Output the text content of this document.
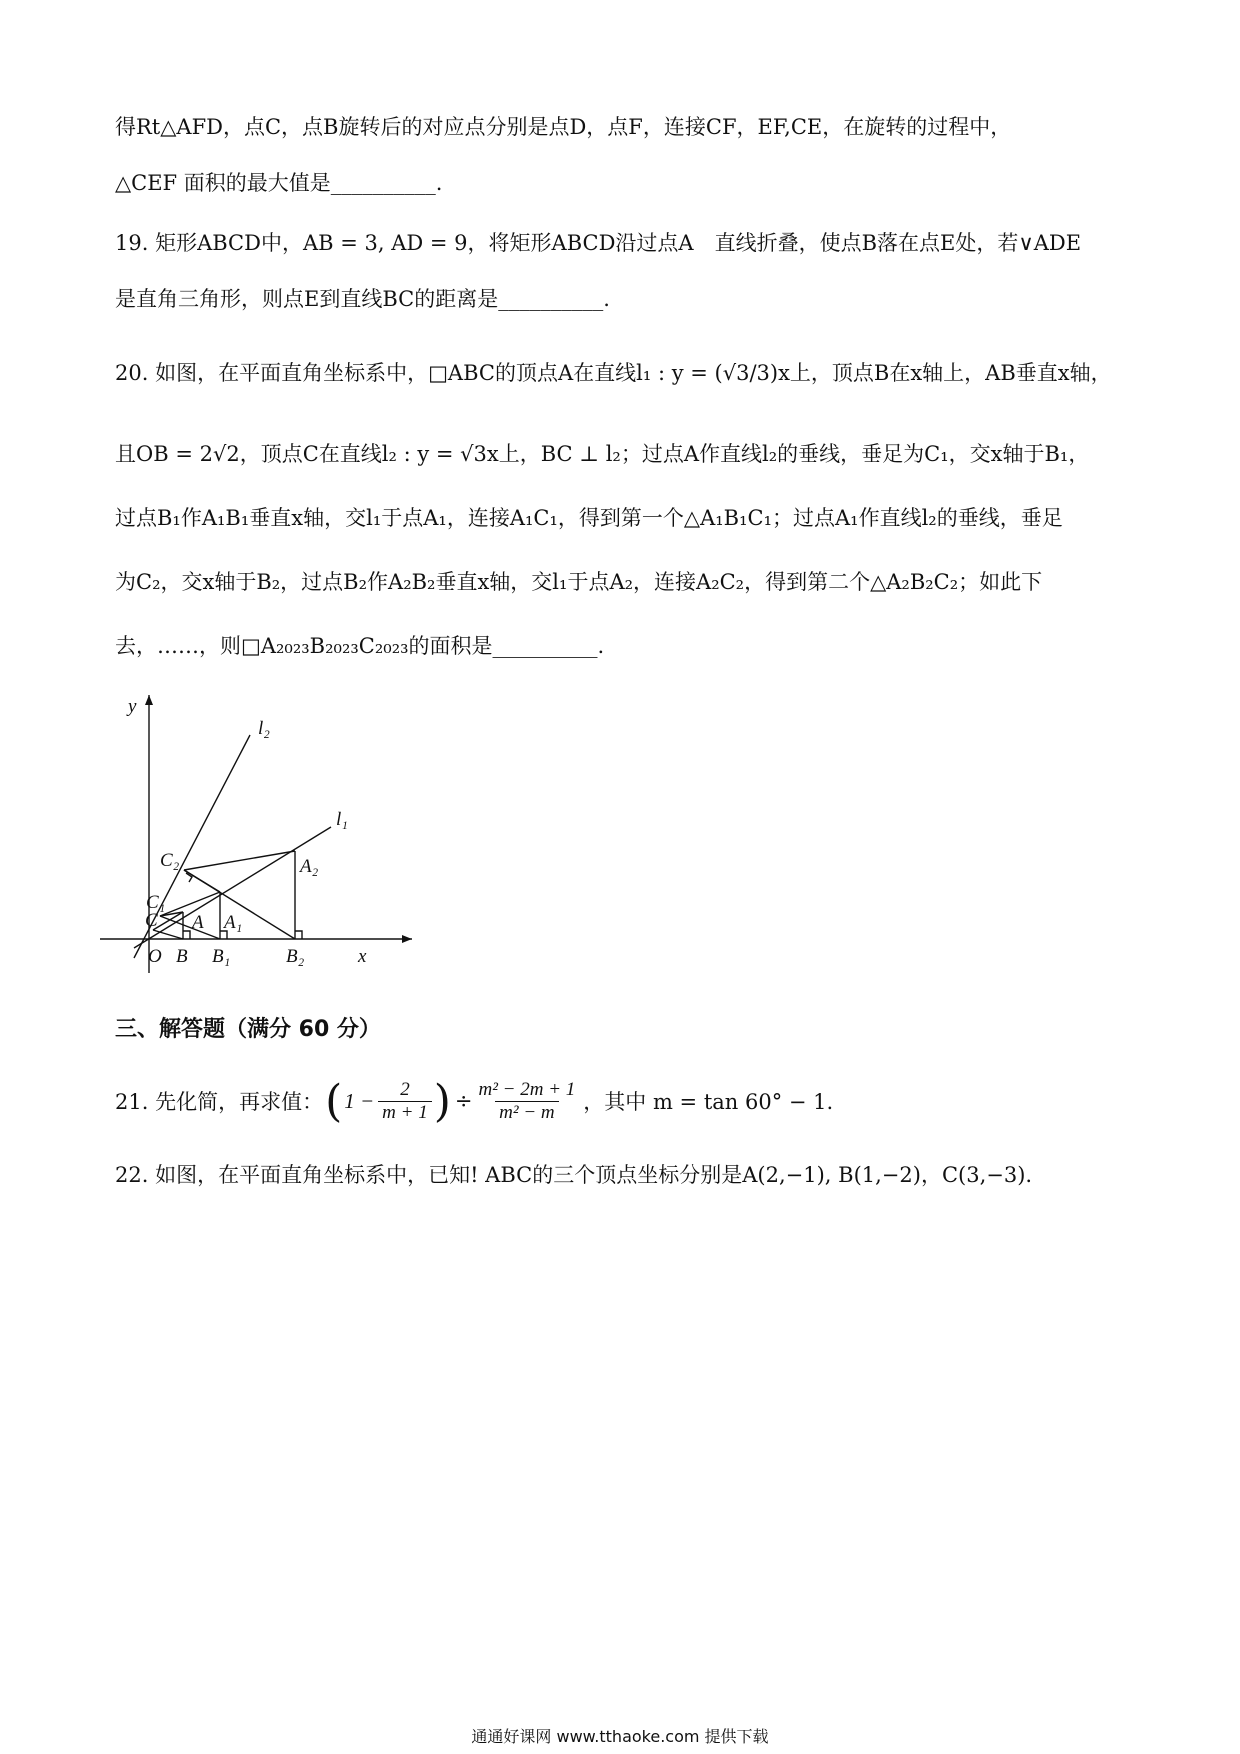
得Rt△AFD，点C，点B旋转后的对应点分别是点D，点F，连接CF，EF,CE，在旋转的过程中，
△CEF 面积的最大值是__________.
19. 矩形ABCD中，AB = 3, AD = 9，将矩形ABCD沿过点A　直线折叠，使点B落在点E处，若∨ADE
是直角三角形，则点E到直线BC的距离是__________.
20. 如图，在平面直角坐标系中，□ABC的顶点A在直线l₁ : y = (√3/3)x上，顶点B在x轴上，AB垂直x轴，
且OB = 2√2，顶点C在直线l₂ : y = √3x上，BC ⊥ l₂；过点A作直线l₂的垂线，垂足为C₁，交x轴于B₁，
过点B₁作A₁B₁垂直x轴，交l₁于点A₁，连接A₁C₁，得到第一个△A₁B₁C₁；过点A₁作直线l₂的垂线，垂足
为C₂，交x轴于B₂，过点B₂作A₂B₂垂直x轴，交l₁于点A₂，连接A₂C₂，得到第二个△A₂B₂C₂；如此下
去，……，则□A₂₀₂₃B₂₀₂₃C₂₀₂₃的面积是__________.
y
x
O
l₂
l₁
A A₁
A₂
B B₁	B₂
C
C₁
C₂
三、解答题（满分 60 分）
21. 先化简，再求值： ( $1 - \frac{2}{m + 1}$ ) ÷ $\frac{\text{m² − 2m + 1}}{\text{m² − m}}$ ，其中 m = tan 60° − 1.
22. 如图，在平面直角坐标系中，已知! ABC的三个顶点坐标分别是A(2,−1), B(1,−2)，C(3,−3).
通通好课网 www.tthaoke.com 提供下载
